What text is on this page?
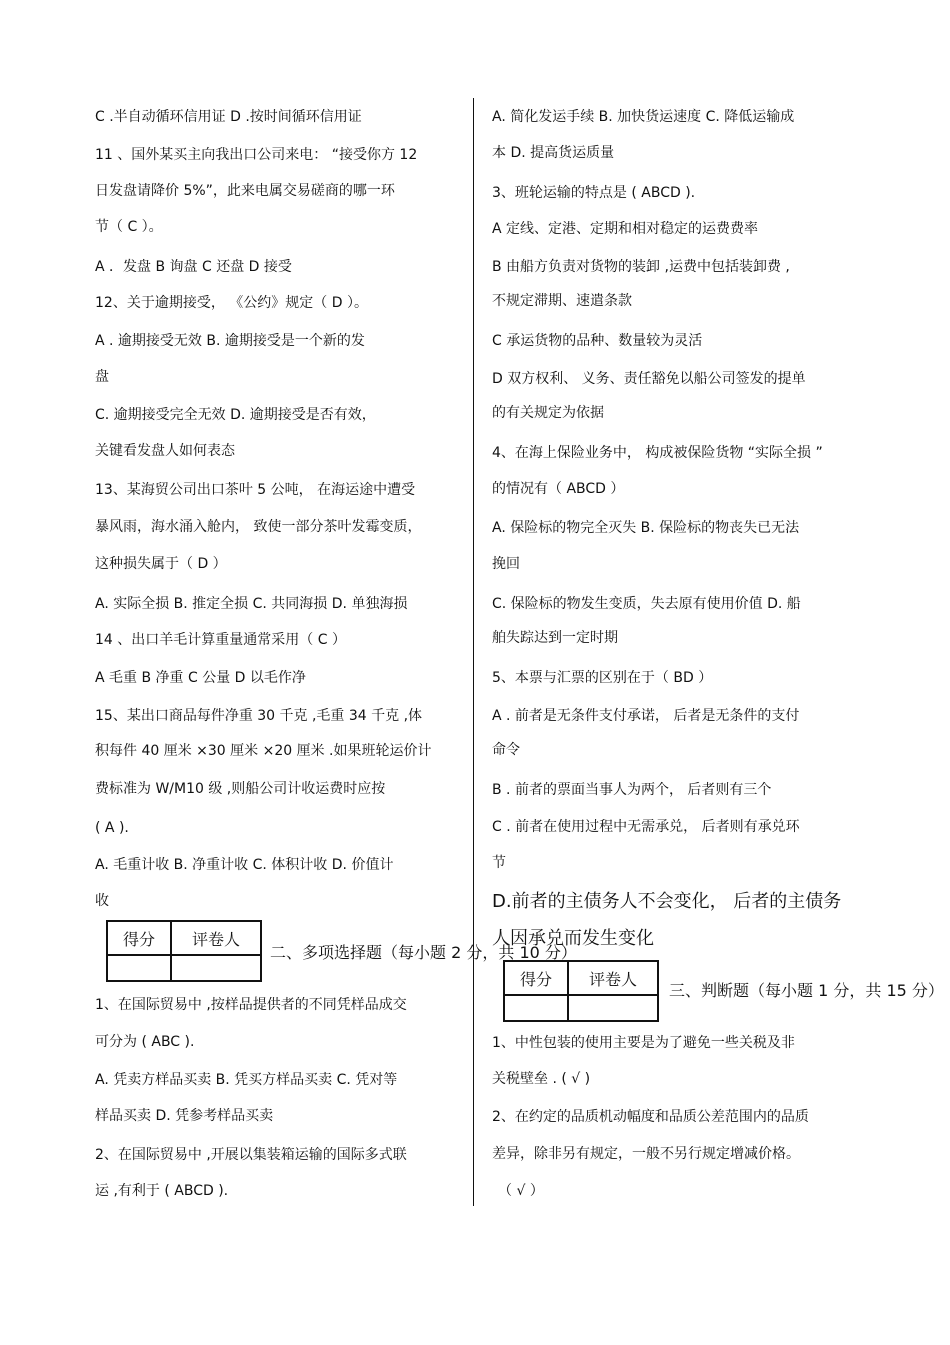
C .半自动循环信用证 D .按时间循环信用证
11 、国外某买主向我出口公司来电： “接受你方 12
日发盘请降价 5%”，此来电属交易磋商的哪一环
节（ C ）。
A ．发盘 B 询盘 C 还盘 D 接受
12、关于逾期接受， 《公约》规定（ D ）。
A . 逾期接受无效 B. 逾期接受是一个新的发
盘
C. 逾期接受完全无效 D. 逾期接受是否有效，
关键看发盘人如何表态
13、某海贸公司出口茶叶 5 公吨， 在海运途中遭受
暴风雨，海水涌入舱内， 致使一部分茶叶发霉变质，
这种损失属于（ D ）
A. 实际全损 B. 推定全损 C. 共同海损 D. 单独海损
14 、出口羊毛计算重量通常采用（ C ）
A 毛重 B 净重 C 公量 D 以毛作净
15、某出口商品每件净重 30 千克 ,毛重 34 千克 ,体
积每件 40 厘米 ×30 厘米 ×20 厘米 .如果班轮运价计
费标准为 W/M10 级 ,则船公司计收运费时应按
( A ).
A. 毛重计收 B. 净重计收 C. 体积计收 D. 价值计
收
得分	评卷人

二、多项选择题（每小题 2 分，共 10 分）
1、在国际贸易中 ,按样品提供者的不同凭样品成交
可分为 ( ABC ).
A. 凭卖方样品买卖 B. 凭买方样品买卖 C. 凭对等
样品买卖 D. 凭参考样品买卖
2、在国际贸易中 ,开展以集装箱运输的国际多式联
运 ,有利于 ( ABCD ).
A. 简化发运手续 B. 加快货运速度 C. 降低运输成
本 D. 提高货运质量
3、班轮运输的特点是 ( ABCD ).
A 定线、定港、定期和相对稳定的运费费率
B 由船方负责对货物的装卸 ,运费中包括装卸费 ,
不规定滞期、速遣条款
C 承运货物的品种、数量较为灵活
D 双方权利、 义务、责任豁免以船公司签发的提单
的有关规定为依据
4、在海上保险业务中， 构成被保险货物 “实际全损 ”
的情况有（ ABCD ）
A. 保险标的物完全灭失 B. 保险标的物丧失已无法
挽回
C. 保险标的物发生变质，失去原有使用价值 D. 船
舶失踪达到一定时期
5、本票与汇票的区别在于（ BD ）
A . 前者是无条件支付承诺， 后者是无条件的支付
命令
B . 前者的票面当事人为两个， 后者则有三个
C . 前者在使用过程中无需承兑， 后者则有承兑环
节
D.前者的主债务人不会变化， 后者的主债务
人因承兑而发生变化
得分	评卷人

三、判断题（每小题 1 分，共 15 分）
1、中性包装的使用主要是为了避免一些关税及非
关税壁垒 . ( √ )
2、在约定的品质机动幅度和品质公差范围内的品质
差异，除非另有规定，一般不另行规定增减价格。
（ √ ）
